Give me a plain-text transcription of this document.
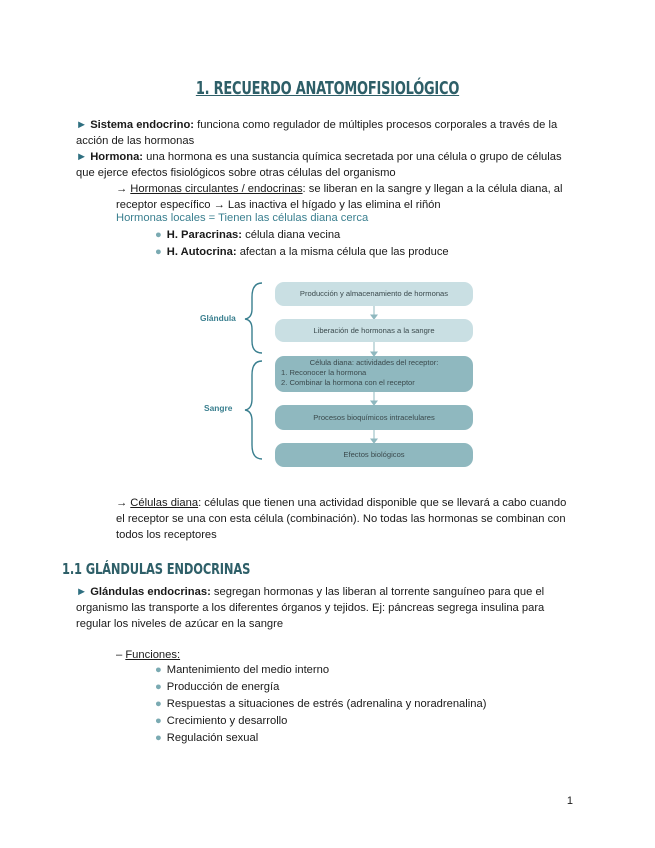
1. RECUERDO ANATOMOFISIOLÓGICO
► Sistema endocrino: funciona como regulador de múltiples procesos corporales a través de la
acción de las hormonas
► Hormona: una hormona es una sustancia química secretada por una célula o grupo de células
que ejerce efectos fisiológicos sobre otras células del organismo
→ Hormonas circulantes / endocrinas: se liberan en la sangre y llegan a la célula diana, al
receptor específico → Las inactiva el hígado y las elimina el riñón
Hormonas locales = Tienen las células diana cerca
● H. Paracrinas: célula diana vecina
● H. Autocrina: afectan a la misma célula que las produce
Glándula
Sangre
Producción y almacenamiento de hormonas
Liberación de hormonas a la sangre
Célula diana: actividades del receptor:
1. Reconocer la hormona
2. Combinar la hormona con el receptor
Procesos bioquímicos intracelulares
Efectos biológicos
→ Células diana: células que tienen una actividad disponible que se llevará a cabo cuando
el receptor se una con esta célula (combinación). No todas las hormonas se combinan con
todos los receptores
1.1 GLÁNDULAS ENDOCRINAS
► Glándulas endocrinas: segregan hormonas y las liberan al torrente sanguíneo para que el
organismo las transporte a los diferentes órganos y tejidos. Ej: páncreas segrega insulina para
regular los niveles de azúcar en la sangre
– Funciones:
● Mantenimiento del medio interno
● Producción de energía
● Respuestas a situaciones de estrés (adrenalina y noradrenalina)
● Crecimiento y desarrollo
● Regulación sexual
1
